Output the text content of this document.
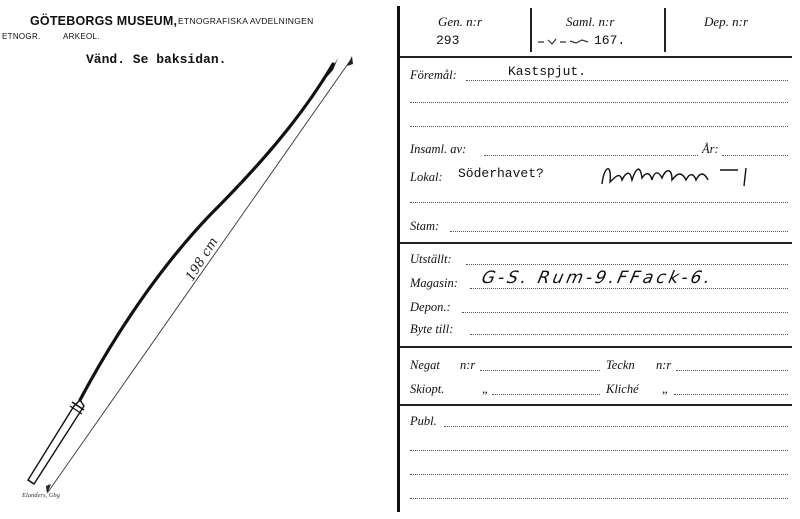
GÖTEBORGS MUSEUM, ETNOGRAFISKA AVDELNINGEN
ETNOGR.	ARKEOL.
Vänd. Se baksidan.
198 cm
Elanders, Gbg
Gen. n:r
293
Saml. n:r
167.
Dep. n:r
Föremål:	Kastspjut.
Insaml. av:	År:
Lokal: Söderhavet?
Stam:
Utställt:
Magasin: G-S. Rum-9.FFack-6.
Depon.:
Byte till:
Negat n:r	Teckn n:r
Skiopt.	„	Kliché „
Publ.
